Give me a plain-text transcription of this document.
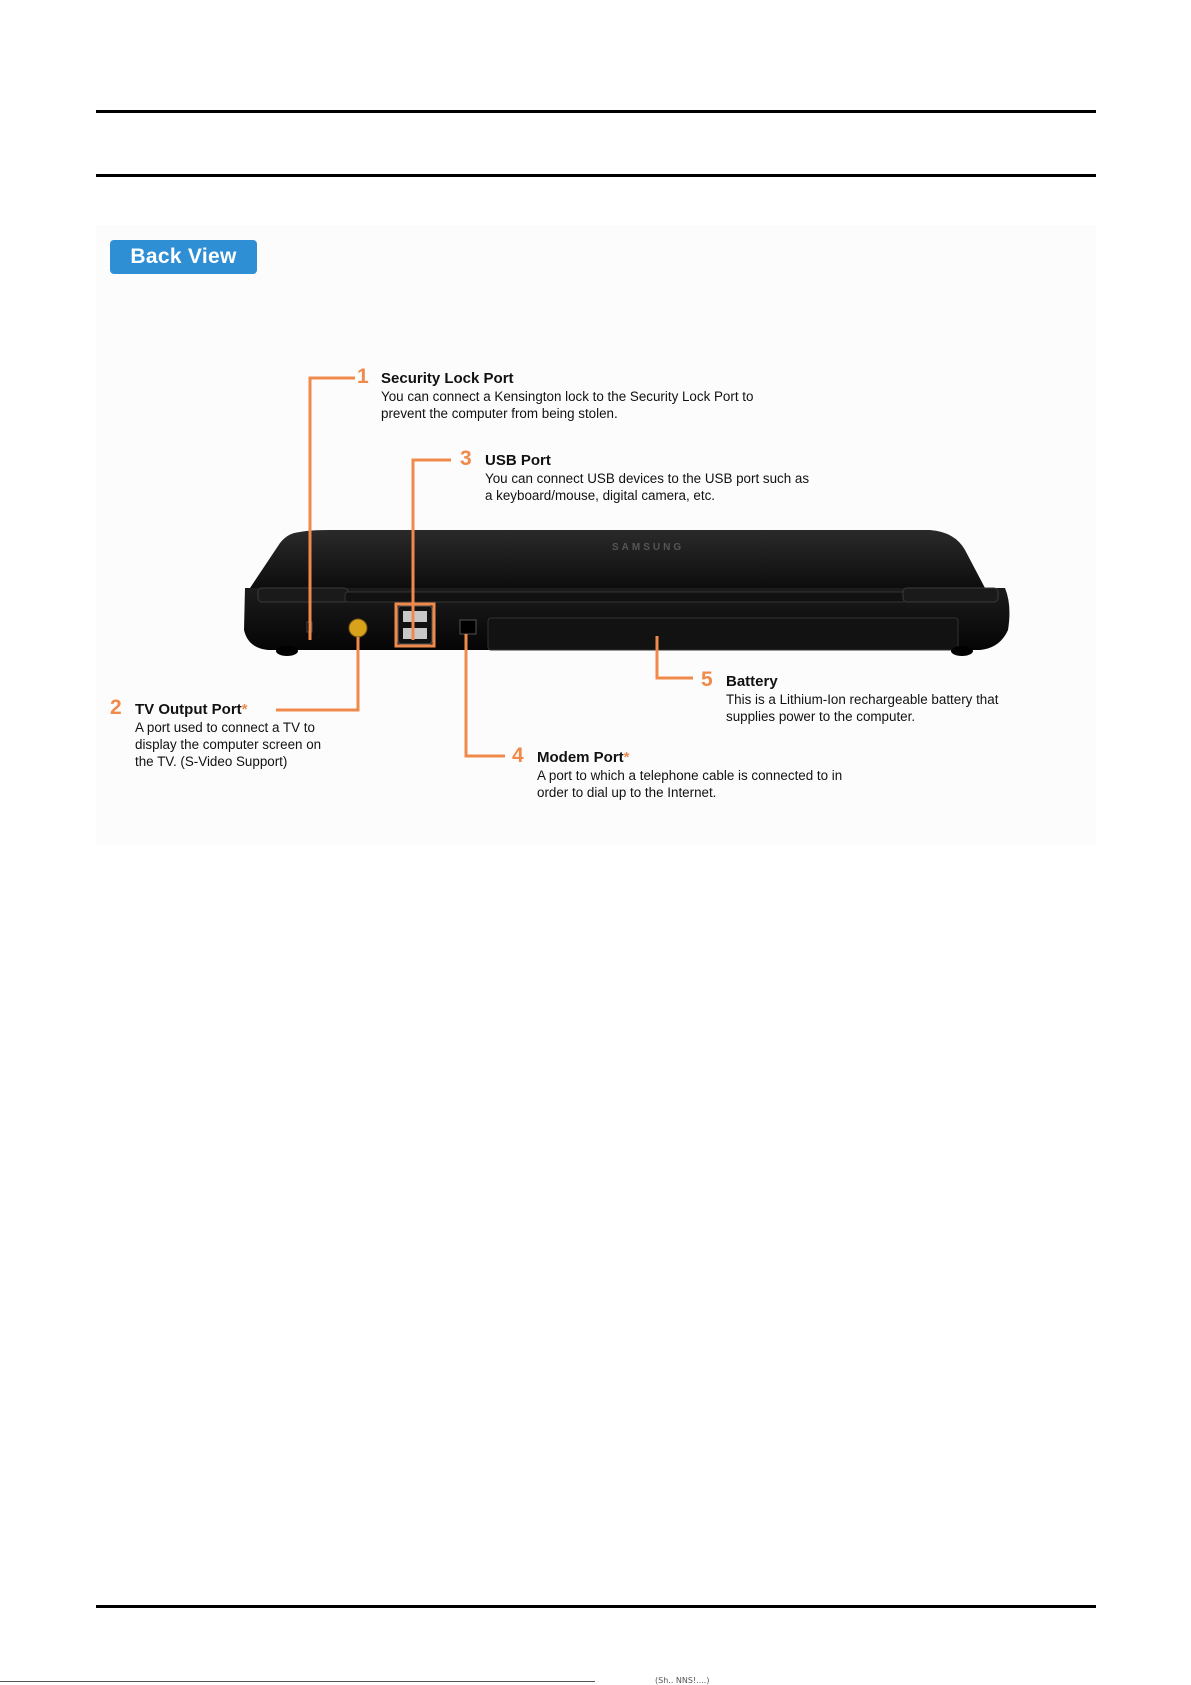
Back View
SAMSUNG
1 Security Lock Port
You can connect a Kensington lock to the Security Lock Port to
prevent the computer from being stolen.
3 USB Port
You can connect USB devices to the USB port such as
a keyboard/mouse, digital camera, etc.
5 Battery
This is a Lithium-Ion rechargeable battery that
supplies power to the computer.
2 TV Output Port*
A port used to connect a TV to
display the computer screen on
the TV. (S-Video Support)	4 Modem Port*
A port to which a telephone cable is connected to in
order to dial up to the Internet.
(Sh.. NNS!....)
